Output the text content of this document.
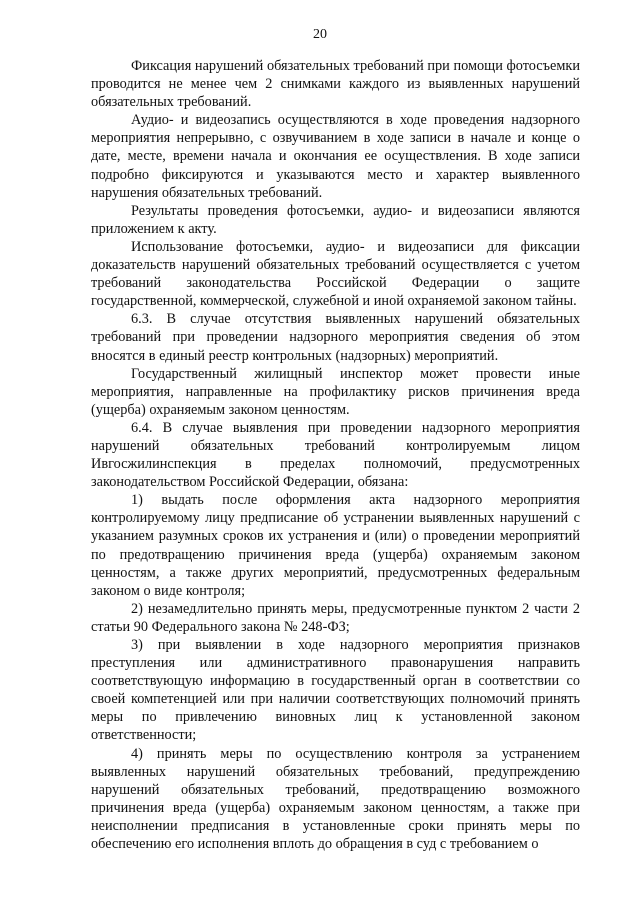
20

Фиксация нарушений обязательных требований при помощи фотосъемки проводится не менее чем 2 снимками каждого из выявленных нарушений обязательных требований.

Аудио- и видеозапись осуществляются в ходе проведения надзорного мероприятия непрерывно, с озвучиванием в ходе записи в начале и конце о дате, месте, времени начала и окончания ее осуществления. В ходе записи подробно фиксируются и указываются место и характер выявленного нарушения обязательных требований.

Результаты проведения фотосъемки, аудио- и видеозаписи являются приложением к акту.

Использование фотосъемки, аудио- и видеозаписи для фиксации доказательств нарушений обязательных требований осуществляется с учетом требований законодательства Российской Федерации о защите государственной, коммерческой, служебной и иной охраняемой законом тайны.

6.3. В случае отсутствия выявленных нарушений обязательных требований при проведении надзорного мероприятия сведения об этом вносятся в единый реестр контрольных (надзорных) мероприятий.

Государственный жилищный инспектор может провести иные мероприятия, направленные на профилактику рисков причинения вреда (ущерба) охраняемым законом ценностям.

6.4. В случае выявления при проведении надзорного мероприятия нарушений обязательных требований контролируемым лицом Ивгосжилинспекция в пределах полномочий, предусмотренных законодательством Российской Федерации, обязана:

1) выдать после оформления акта надзорного мероприятия контролируемому лицу предписание об устранении выявленных нарушений с указанием разумных сроков их устранения и (или) о проведении мероприятий по предотвращению причинения вреда (ущерба) охраняемым законом ценностям, а также других мероприятий, предусмотренных федеральным законом о виде контроля;

2) незамедлительно принять меры, предусмотренные пунктом 2 части 2 статьи 90 Федерального закона № 248-ФЗ;

3) при выявлении в ходе надзорного мероприятия признаков преступления или административного правонарушения направить соответствующую информацию в государственный орган в соответствии со своей компетенцией или при наличии соответствующих полномочий принять меры по привлечению виновных лиц к установленной законом ответственности;

4) принять меры по осуществлению контроля за устранением выявленных нарушений обязательных требований, предупреждению нарушений обязательных требований, предотвращению возможного причинения вреда (ущерба) охраняемым законом ценностям, а также при неисполнении предписания в установленные сроки принять меры по обеспечению его исполнения вплоть до обращения в суд с требованием о
